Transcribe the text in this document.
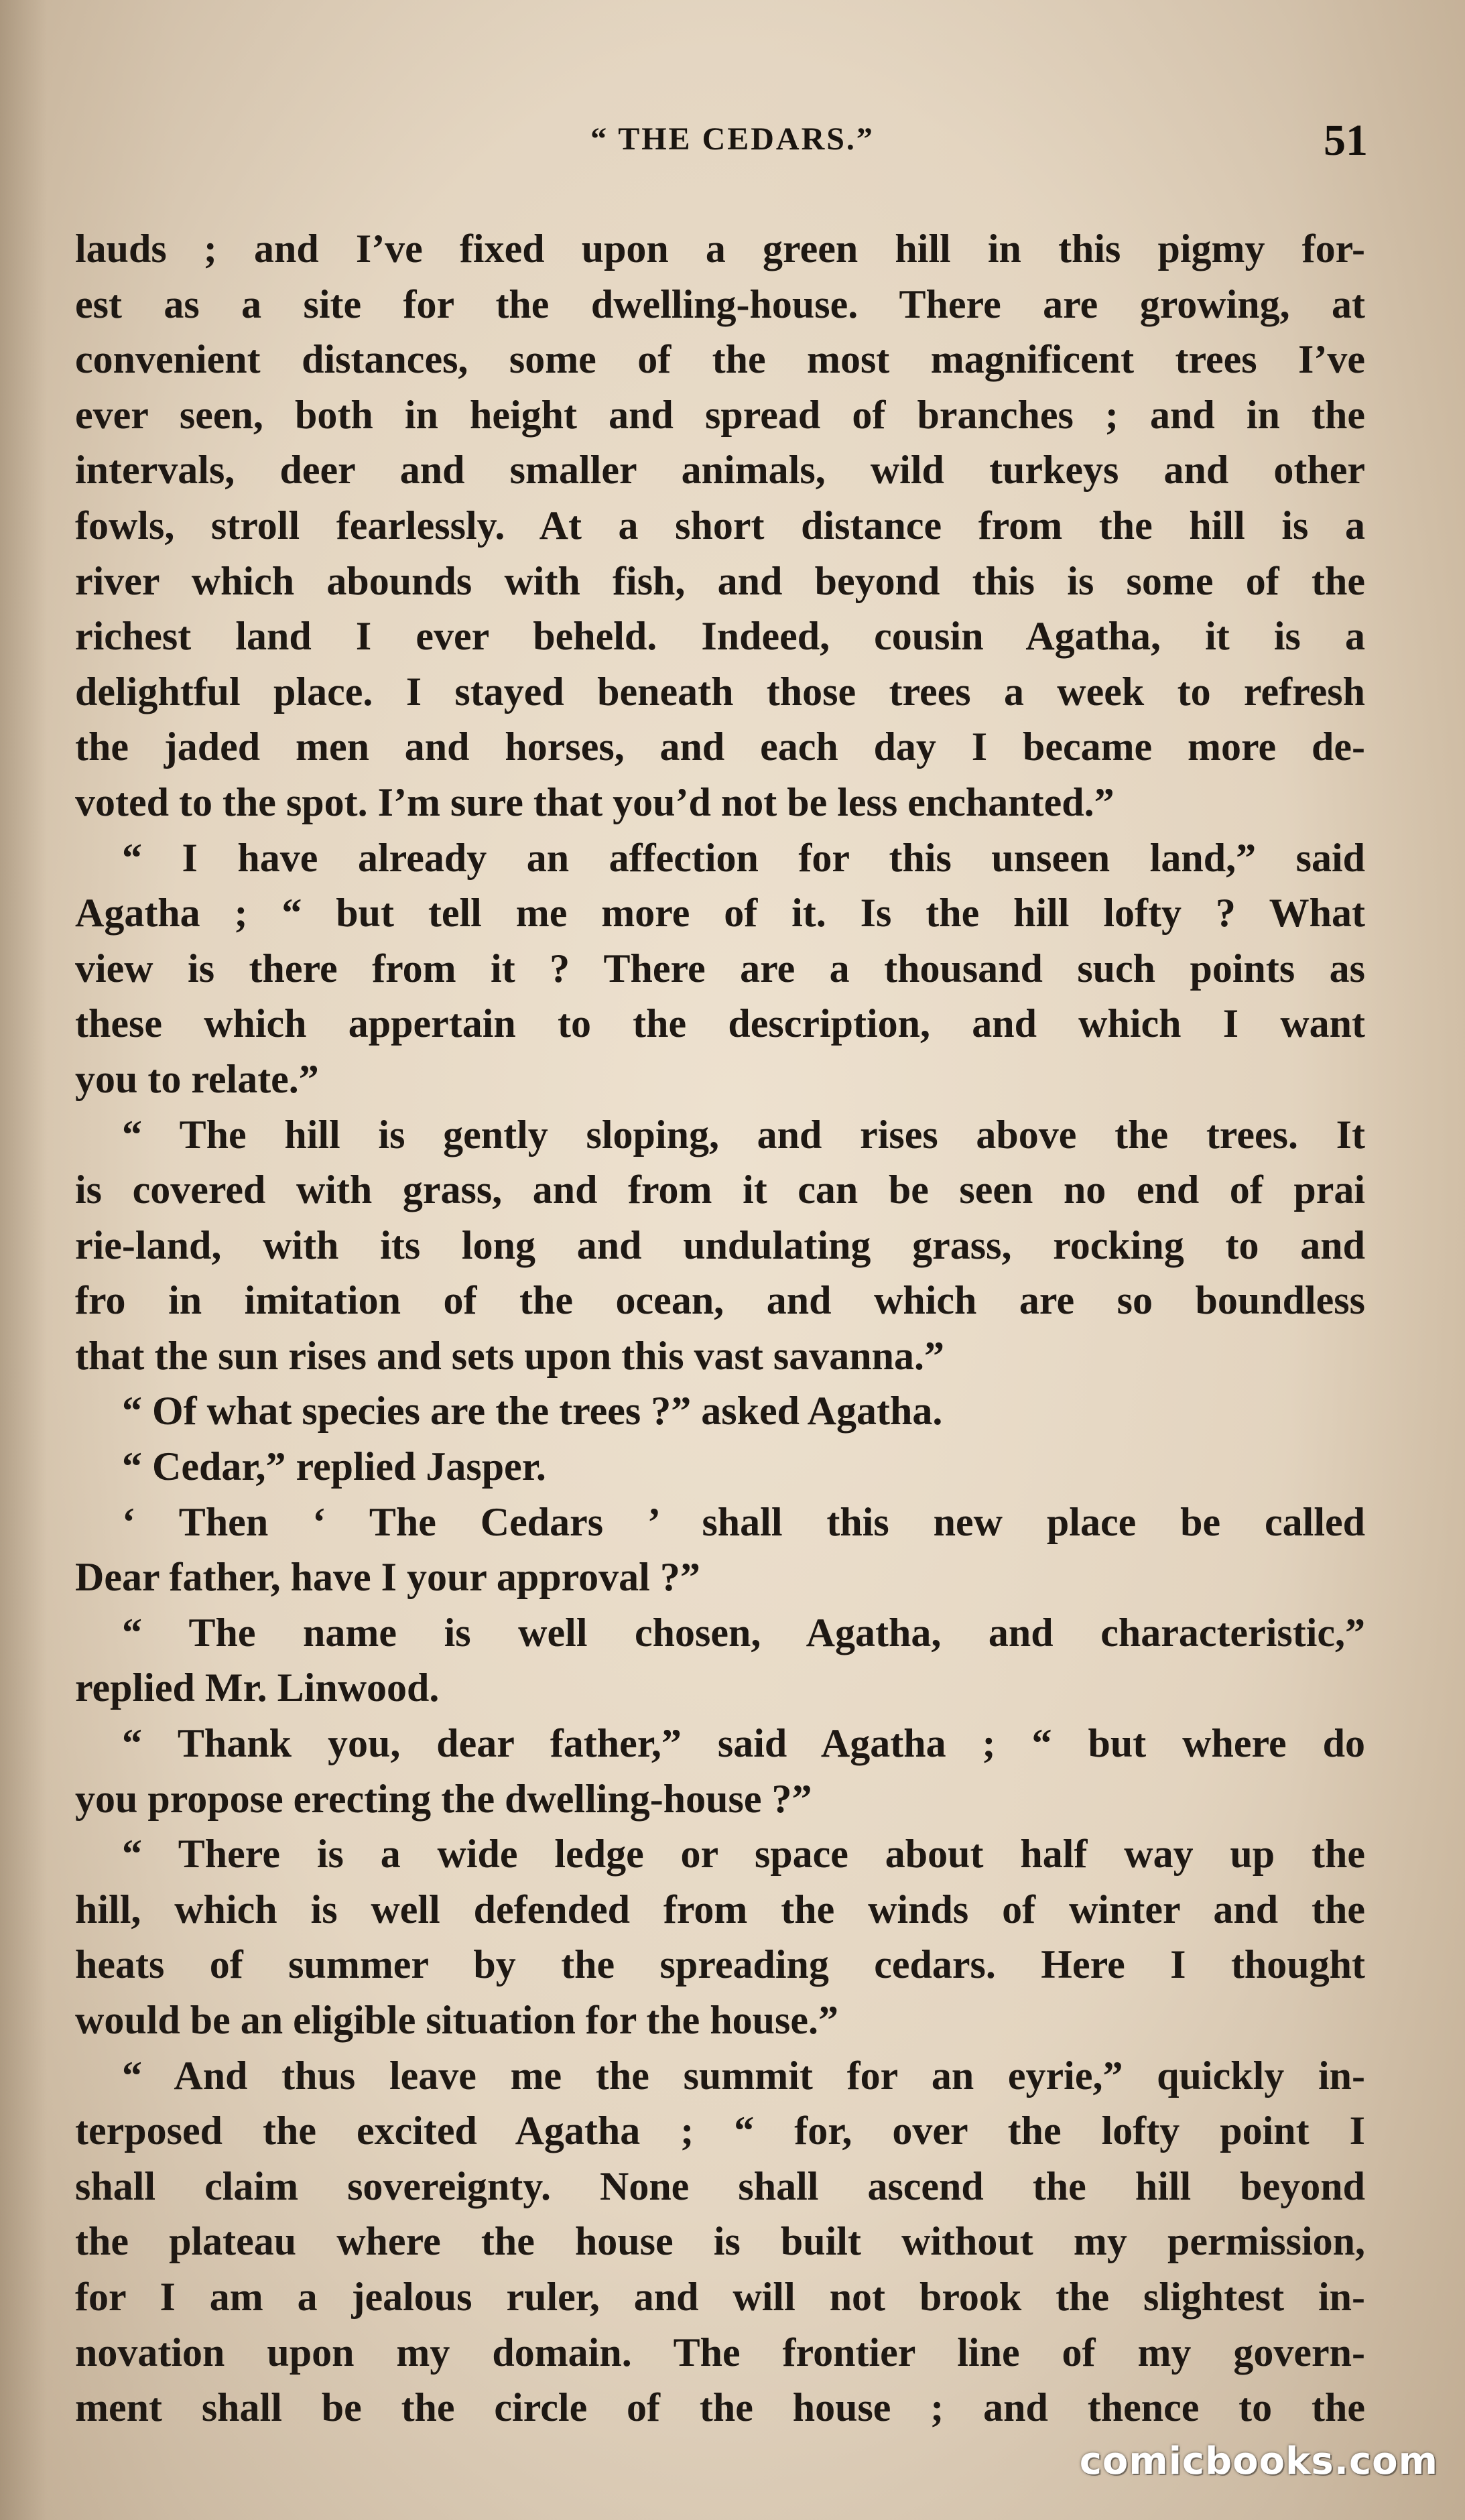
“ THE CEDARS.”	51
lauds ; and I’ve fixed upon a green hill in this pigmy for-
est as a site for the dwelling-house. There are growing, at
convenient distances, some of the most magnificent trees I’ve
ever seen, both in height and spread of branches ; and in the
intervals, deer and smaller animals, wild turkeys and other
fowls, stroll fearlessly. At a short distance from the hill is a
river which abounds with fish, and beyond this is some of the
richest land I ever beheld. Indeed, cousin Agatha, it is a
delightful place. I stayed beneath those trees a week to refresh
the jaded men and horses, and each day I became more de-
voted to the spot. I’m sure that you’d not be less enchanted.”
“ I have already an affection for this unseen land,” said
Agatha ; “ but tell me more of it. Is the hill lofty ? What
view is there from it ? There are a thousand such points as
these which appertain to the description, and which I want
you to relate.”
“ The hill is gently sloping, and rises above the trees. It
is covered with grass, and from it can be seen no end of prai
rie-land, with its long and undulating grass, rocking to and
fro in imitation of the ocean, and which are so boundless
that the sun rises and sets upon this vast savanna.”
“ Of what species are the trees ?” asked Agatha.
“ Cedar,” replied Jasper.
‘ Then ‘ The Cedars ’ shall this new place be called
Dear father, have I your approval ?”
“ The name is well chosen, Agatha, and characteristic,”
replied Mr. Linwood.
“ Thank you, dear father,” said Agatha ; “ but where do
you propose erecting the dwelling-house ?”
“ There is a wide ledge or space about half way up the
hill, which is well defended from the winds of winter and the
heats of summer by the spreading cedars. Here I thought
would be an eligible situation for the house.”
“ And thus leave me the summit for an eyrie,” quickly in-
terposed the excited Agatha ; “ for, over the lofty point I
shall claim sovereignty. None shall ascend the hill beyond
the plateau where the house is built without my permission,
for I am a jealous ruler, and will not brook the slightest in-
novation upon my domain. The frontier line of my govern-
ment shall be the circle of the house ; and thence to the
comicbooks.com
